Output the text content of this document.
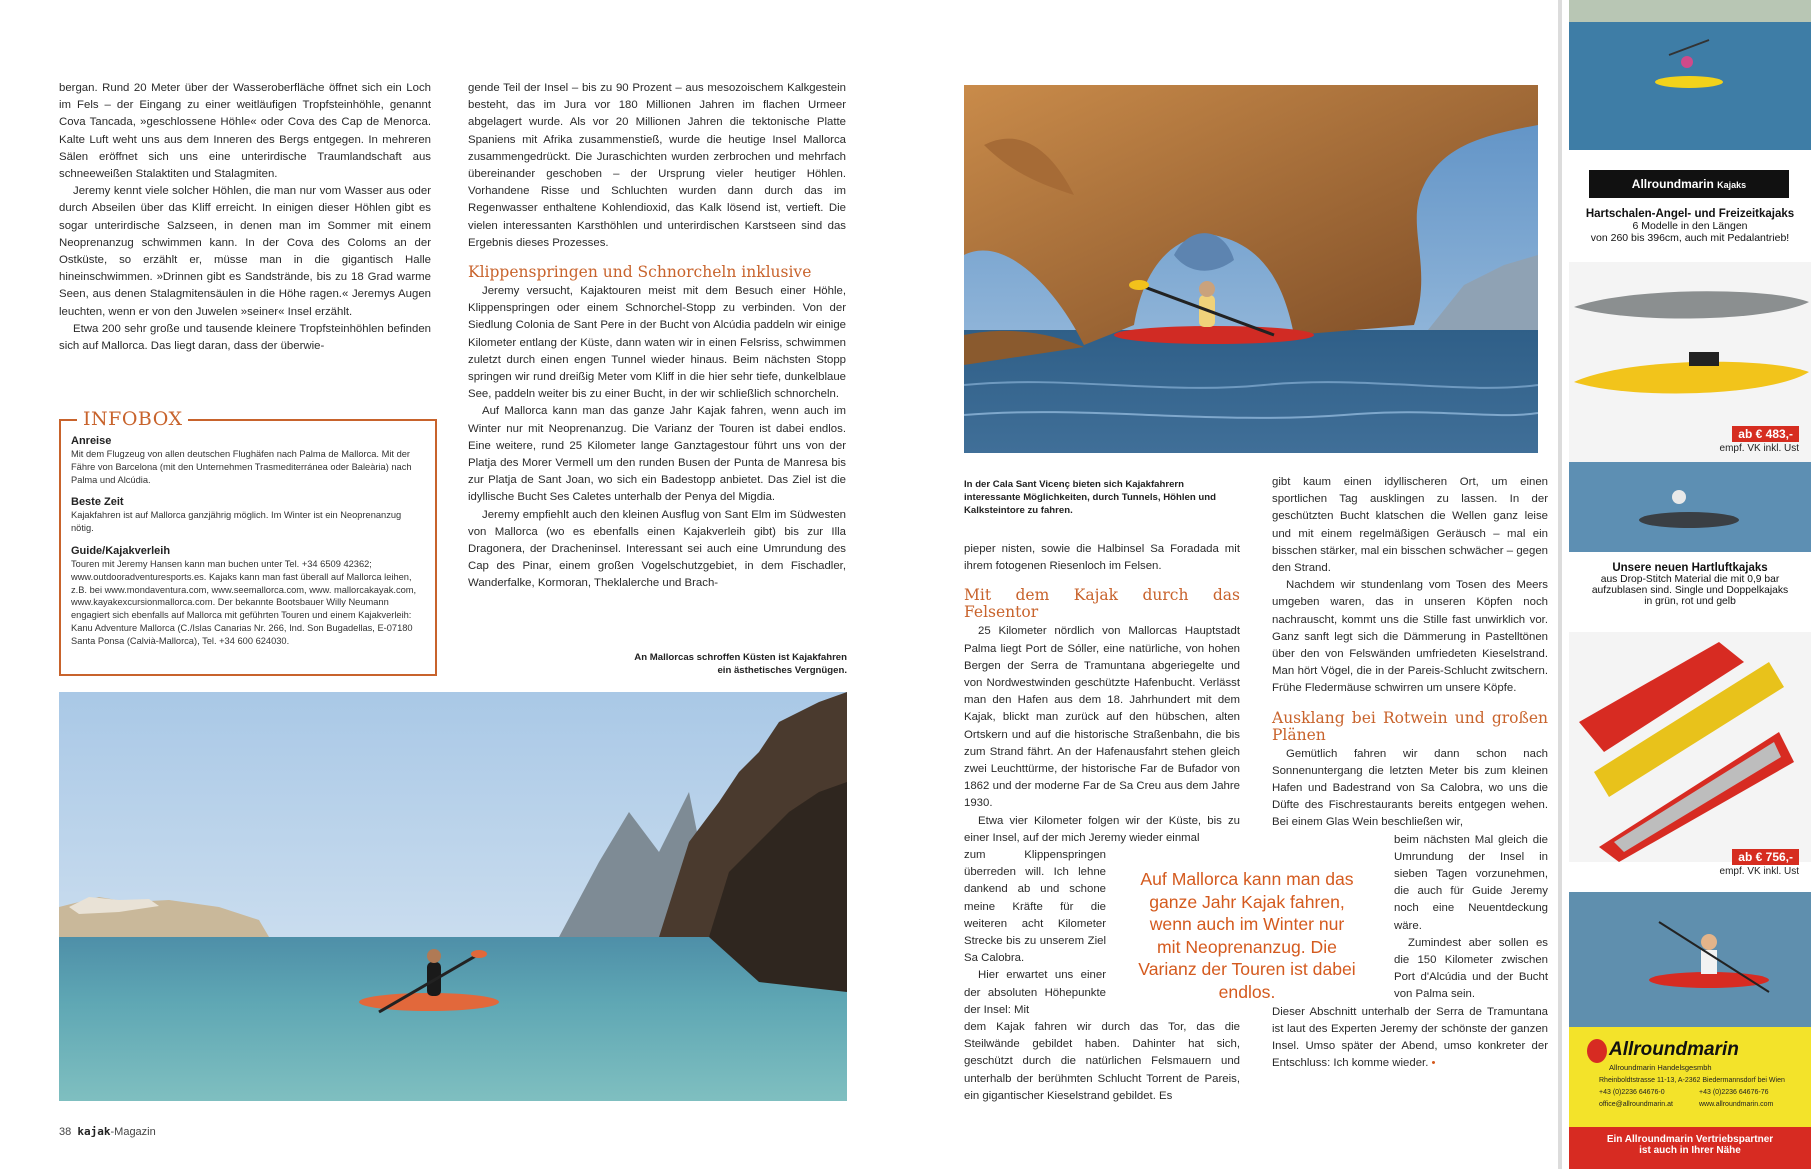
bergan. Rund 20 Meter über der Wasseroberfläche öffnet sich ein Loch im Fels – der Eingang zu einer weitläufigen Tropfsteinhöhle, genannt Cova Tancada, »geschlossene Höhle« oder Cova des Cap de Menorca. Kalte Luft weht uns aus dem Inneren des Bergs entgegen. In mehreren Sälen eröffnet sich uns eine unterirdische Traumlandschaft aus schneeweißen Stalaktiten und Stalagmiten.

Jeremy kennt viele solcher Höhlen, die man nur vom Wasser aus oder durch Abseilen über das Kliff erreicht. In einigen dieser Höhlen gibt es sogar unterirdische Salzseen, in denen man im Sommer mit einem Neoprenanzug schwimmen kann. In der Cova des Coloms an der Ostküste, so erzählt er, müsse man in die gigantisch Halle hineinschwimmen. »Drinnen gibt es Sandstrände, bis zu 18 Grad warme Seen, aus denen Stalagmitensäulen in die Höhe ragen.« Jeremys Augen leuchten, wenn er von den Juwelen »seiner« Insel erzählt.

Etwa 200 sehr große und tausende kleinere Tropfsteinhöhlen befinden sich auf Mallorca. Das liegt daran, dass der überwie-

INFOBOX
Anreise
Mit dem Flugzeug von allen deutschen Flughäfen nach Palma de Mallorca. Mit der Fähre von Barcelona (mit den Unternehmen Trasmediterránea oder Baleària) nach Palma und Alcúdia.
Beste Zeit
Kajakfahren ist auf Mallorca ganzjährig möglich. Im Winter ist ein Neoprenanzug nötig.
Guide/Kajakverleih
Touren mit Jeremy Hansen kann man buchen unter Tel. +34 6509 42362; www.outdooradventuresports.es. Kajaks kann man fast überall auf Mallorca leihen, z.B. bei www.mondaventura.com, www.seemallorca.com, www. mallorcakayak.com, www.kayakexcursionmallorca.com. Der bekannte Bootsbauer Willy Neumann engagiert sich ebenfalls auf Mallorca mit geführten Touren und einem Kajakverleih: Kanu Adventure Mallorca (C./Islas Canarias Nr. 266, Ind. Son Bugadellas, E-07180 Santa Ponsa (Calvià-Mallorca), Tel. +34 600 624030.

gende Teil der Insel – bis zu 90 Prozent – aus mesozoischem Kalkgestein besteht, das im Jura vor 180 Millionen Jahren im flachen Urmeer abgelagert wurde. Als vor 20 Millionen Jahren die tektonische Platte Spaniens mit Afrika zusammenstieß, wurde die heutige Insel Mallorca zusammengedrückt. Die Juraschichten wurden zerbrochen und mehrfach übereinander geschoben – der Ursprung vieler heutiger Höhlen. Vorhandene Risse und Schluchten wurden dann durch das im Regenwasser enthaltene Kohlendioxid, das Kalk lösend ist, vertieft. Die vielen interessanten Karsthöhlen und unterirdischen Karstseen sind das Ergebnis dieses Prozesses.

Klippenspringen und Schnorcheln inklusive

Jeremy versucht, Kajaktouren meist mit dem Besuch einer Höhle, Klippenspringen oder einem Schnorchel-Stopp zu verbinden. Von der Siedlung Colonia de Sant Pere in der Bucht von Alcúdia paddeln wir einige Kilometer entlang der Küste, dann waten wir in einen Felsriss, schwimmen zuletzt durch einen engen Tunnel wieder hinaus. Beim nächsten Stopp springen wir rund dreißig Meter vom Kliff in die hier sehr tiefe, dunkelblaue See, paddeln weiter bis zu einer Bucht, in der wir schließlich schnorcheln.

Auf Mallorca kann man das ganze Jahr Kajak fahren, wenn auch im Winter nur mit Neoprenanzug. Die Varianz der Touren ist dabei endlos. Eine weitere, rund 25 Kilometer lange Ganztagestour führt uns von der Platja des Morer Vermell um den runden Busen der Punta de Manresa bis zur Platja de Sant Joan, wo sich ein Badestopp anbietet. Das Ziel ist die idyllische Bucht Ses Caletes unterhalb der Penya del Migdia.

Jeremy empfiehlt auch den kleinen Ausflug von Sant Elm im Südwesten von Mallorca (wo es ebenfalls einen Kajakverleih gibt) bis zur Illa Dragonera, der Dracheninsel. Interessant sei auch eine Umrundung des Cap des Pinar, einem großen Vogelschutzgebiet, in dem Fischadler, Wanderfalke, Kormoran, Theklalerche und Brach-

An Mallorcas schroffen Küsten ist Kajakfahren ein ästhetisches Vergnügen.
38 kajak-Magazin
In der Cala Sant Vicenç bieten sich Kajakfahrern interessante Möglichkeiten, durch Tunnels, Höhlen und Kalksteintore zu fahren.

pieper nisten, sowie die Halbinsel Sa Foradada mit ihrem fotogenen Riesenloch im Felsen.

Mit dem Kajak durch das Felsentor

25 Kilometer nördlich von Mallorcas Hauptstadt Palma liegt Port de Sóller, eine natürliche, von hohen Bergen der Serra de Tramuntana abgeriegelte und von Nordwestwinden geschützte Hafenbucht. Verlässt man den Hafen aus dem 18. Jahrhundert mit dem Kajak, blickt man zurück auf den hübschen, alten Ortskern und auf die historische Straßenbahn, die bis zum Strand fährt. An der Hafenausfahrt stehen gleich zwei Leuchttürme, der historische Far de Bufador von 1862 und der moderne Far de Sa Creu aus dem Jahre 1930.

Etwa vier Kilometer folgen wir der Küste, bis zu einer Insel, auf der mich Jeremy wieder einmal

zum Klippenspringen überreden will. Ich lehne dankend ab und schone meine Kräfte für die weiteren acht Kilometer Strecke bis zu unserem Ziel Sa Calobra.

Hier erwartet uns einer der absoluten Höhepunkte der Insel: Mit

dem Kajak fahren wir durch das Tor, das die Steilwände gebildet haben. Dahinter hat sich, geschützt durch die natürlichen Felsmauern und unterhalb der berühmten Schlucht Torrent de Pareis, ein gigantischer Kieselstrand gebildet. Es

Auf Mallorca kann man das ganze Jahr Kajak fahren, wenn auch im Winter nur mit Neoprenanzug. Die Varianz der Touren ist dabei endlos.

gibt kaum einen idyllischeren Ort, um einen sportlichen Tag ausklingen zu lassen. In der geschützten Bucht klatschen die Wellen ganz leise und mit einem regelmäßigen Geräusch – mal ein bisschen stärker, mal ein bisschen schwächer – gegen den Strand.

Nachdem wir stundenlang vom Tosen des Meers umgeben waren, das in unseren Köpfen noch nachrauscht, kommt uns die Stille fast unwirklich vor. Ganz sanft legt sich die Dämmerung in Pastelltönen über den von Felswänden umfriedeten Kieselstrand. Man hört Vögel, die in der Pareis-Schlucht zwitschern. Frühe Fledermäuse schwirren um unsere Köpfe.

Ausklang bei Rotwein und großen Plänen

Gemütlich fahren wir dann schon nach Sonnenuntergang die letzten Meter bis zum kleinen Hafen und Badestrand von Sa Calobra, wo uns die Düfte des Fischrestaurants bereits entgegen wehen. Bei einem Glas Wein beschließen wir,

beim nächsten Mal gleich die Umrundung der Insel in sieben Tagen vorzunehmen, die auch für Guide Jeremy noch eine Neuentdeckung wäre.

Zumindest aber sollen es die 150 Kilometer zwischen Port d'Alcúdia und der Bucht von Palma sein.

Dieser Abschnitt unterhalb der Serra de Tramuntana ist laut des Experten Jeremy der schönste der ganzen Insel. Umso später der Abend, umso konkreter der Entschluss: Ich komme wieder. •

Allroundmarin Kajaks
Hartschalen-Angel- und Freizeitkajaks
6 Modelle in den Längen
von 260 bis 396cm, auch mit Pedalantrieb!
ab € 483,-
empf. VK inkl. Ust
Unsere neuen Hartluftkajaks
aus Drop-Stitch Material die mit 0,9 bar
aufzublasen sind. Single und Doppelkajaks
in grün, rot und gelb
ab € 756,-
empf. VK inkl. Ust
Allroundmarin
Allroundmarin Handelsgesmbh
Rheinboldtstrasse 11-13, A-2362 Biedermannsdorf bei Wien
+43 (0)2236 64676-0	+43 (0)2236 64676-76
office@allroundmarin.at	www.allroundmarin.com
Ein Allroundmarin Vertriebspartner
ist auch in Ihrer Nähe
